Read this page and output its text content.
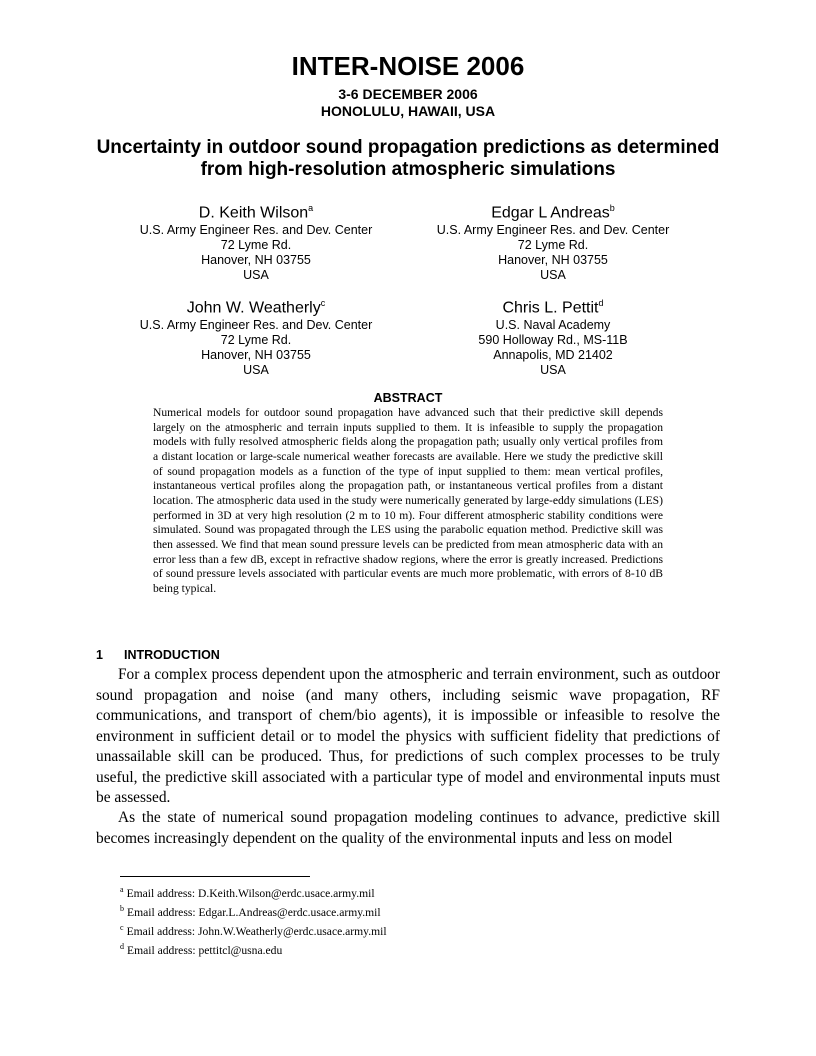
INTER-NOISE 2006
3-6 DECEMBER 2006
HONOLULU, HAWAII, USA
Uncertainty in outdoor sound propagation predictions as determined
from high-resolution atmospheric simulations
D. Keith Wilson$^a$
U.S. Army Engineer Res. and Dev. Center
72 Lyme Rd.
Hanover, NH 03755
USA
Edgar L Andreas$^b$
U.S. Army Engineer Res. and Dev. Center
72 Lyme Rd.
Hanover, NH 03755
USA
John W. Weatherly$^c$
U.S. Army Engineer Res. and Dev. Center
72 Lyme Rd.
Hanover, NH 03755
USA
Chris L. Pettit$^d$
U.S. Naval Academy
590 Holloway Rd., MS-11B
Annapolis, MD 21402
USA
ABSTRACT
Numerical models for outdoor sound propagation have advanced such that their predictive skill depends largely on the atmospheric and terrain inputs supplied to them. It is infeasible to supply the propagation models with fully resolved atmospheric fields along the propagation path; usually only vertical profiles from a distant location or large-scale numerical weather forecasts are available. Here we study the predictive skill of sound propagation models as a function of the type of input supplied to them: mean vertical profiles, instantaneous vertical profiles along the propagation path, or instantaneous vertical profiles from a distant location. The atmospheric data used in the study were numerically generated by large-eddy simulations (LES) performed in 3D at very high resolution (2 m to 10 m). Four different atmospheric stability conditions were simulated. Sound was propagated through the LES using the parabolic equation method. Predictive skill was then assessed. We find that mean sound pressure levels can be predicted from mean atmospheric data with an error less than a few dB, except in refractive shadow regions, where the error is greatly increased. Predictions of sound pressure levels associated with particular events are much more problematic, with errors of 8-10 dB being typical.
1 INTRODUCTION

For a complex process dependent upon the atmospheric and terrain environment, such as outdoor sound propagation and noise (and many others, including seismic wave propagation, RF communications, and transport of chem/bio agents), it is impossible or infeasible to resolve the environment in sufficient detail or to model the physics with sufficient fidelity that predictions of unassailable skill can be produced. Thus, for predictions of such complex processes to be truly useful, the predictive skill associated with a particular type of model and environmental inputs must be assessed.

As the state of numerical sound propagation modeling continues to advance, predictive skill becomes increasingly dependent on the quality of the environmental inputs and less on model

$^a$ Email address: D.Keith.Wilson@erdc.usace.army.mil
$^b$ Email address: Edgar.L.Andreas@erdc.usace.army.mil
$^c$ Email address: John.W.Weatherly@erdc.usace.army.mil
$^d$ Email address: pettitcl@usna.edu
